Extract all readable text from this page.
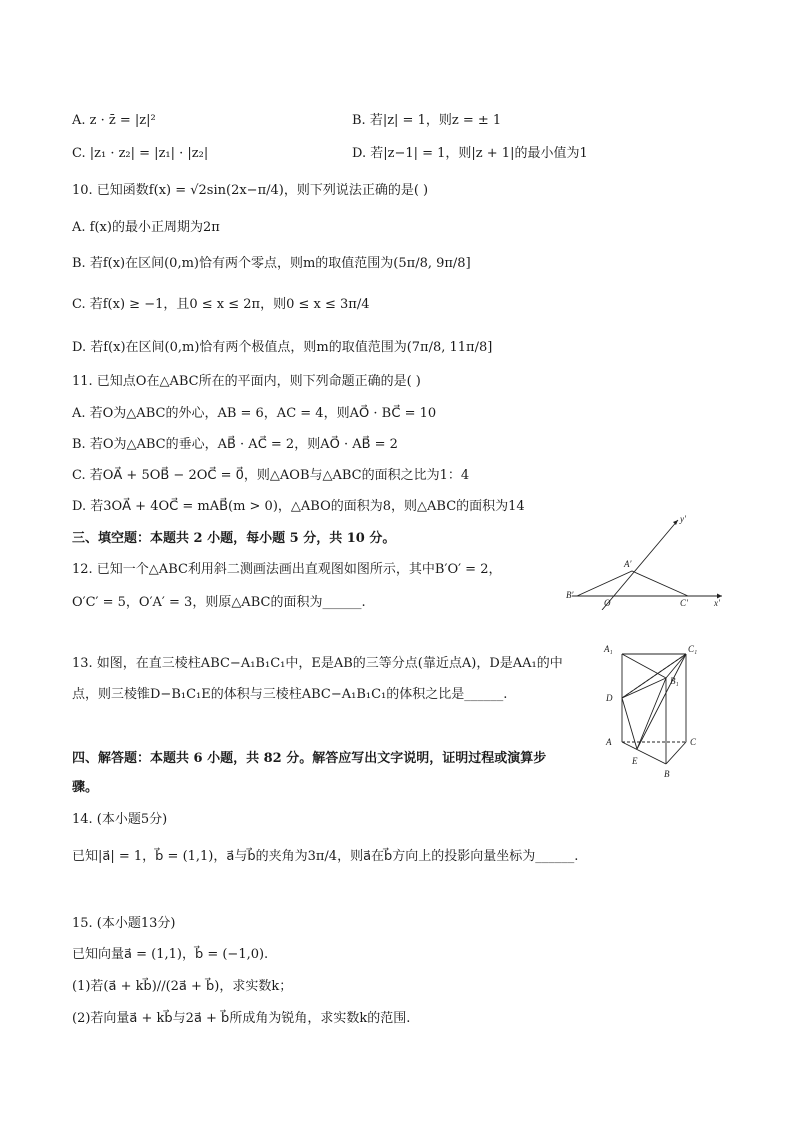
A. z · z̄ = |z|²	B. 若|z| = 1，则z = ± 1
C. |z₁ · z₂| = |z₁| · |z₂|	D. 若|z−1| = 1，则|z + 1|的最小值为1
10. 已知函数f(x) = √2sin(2x−π/4)，则下列说法正确的是( )
A. f(x)的最小正周期为2π
B. 若f(x)在区间(0,m)恰有两个零点，则m的取值范围为(5π/8, 9π/8]
C. 若f(x) ≥ −1，且0 ≤ x ≤ 2π，则0 ≤ x ≤ 3π/4
D. 若f(x)在区间(0,m)恰有两个极值点，则m的取值范围为(7π/8, 11π/8]
11. 已知点O在△ABC所在的平面内，则下列命题正确的是( )
A. 若O为△ABC的外心，AB = 6，AC = 4，则AO⃗ · BC⃗ = 10
B. 若O为△ABC的垂心，AB⃗ · AC⃗ = 2，则AO⃗ · AB⃗ = 2
C. 若OA⃗ + 5OB⃗ − 2OC⃗ = 0⃗，则△AOB与△ABC的面积之比为1：4
D. 若3OA⃗ + 4OC⃗ = mAB⃗(m > 0)，△ABO的面积为8，则△ABC的面积为14
三、填空题：本题共 2 小题，每小题 5 分，共 10 分。
12. 已知一个△ABC利用斜二测画法画出直观图如图所示，其中B′O′ = 2，
O′C′ = 5，O′A′ = 3，则原△ABC的面积为______.
13. 如图，在直三棱柱ABC−A₁B₁C₁中，E是AB的三等分点(靠近点A)，D是AA₁的中
点，则三棱锥D−B₁C₁E的体积与三棱柱ABC−A₁B₁C₁的体积之比是______.
四、解答题：本题共 6 小题，共 82 分。解答应写出文字说明，证明过程或演算步
骤。
14. (本小题5分)
已知|a⃗| = 1，b⃗ = (1,1)，a⃗与b⃗的夹角为3π/4，则a⃗在b⃗方向上的投影向量坐标为______.
15. (本小题13分)
已知向量a⃗ = (1,1)，b⃗ = (−1,0).
(1)若(a⃗ + kb⃗)//(2a⃗ + b⃗)，求实数k；
(2)若向量a⃗ + kb⃗与2a⃗ + b⃗所成角为锐角，求实数k的范围.
y′
A′
B′
O	C′	x′
A₁	C₁
B₁
D
A	C
E
B
